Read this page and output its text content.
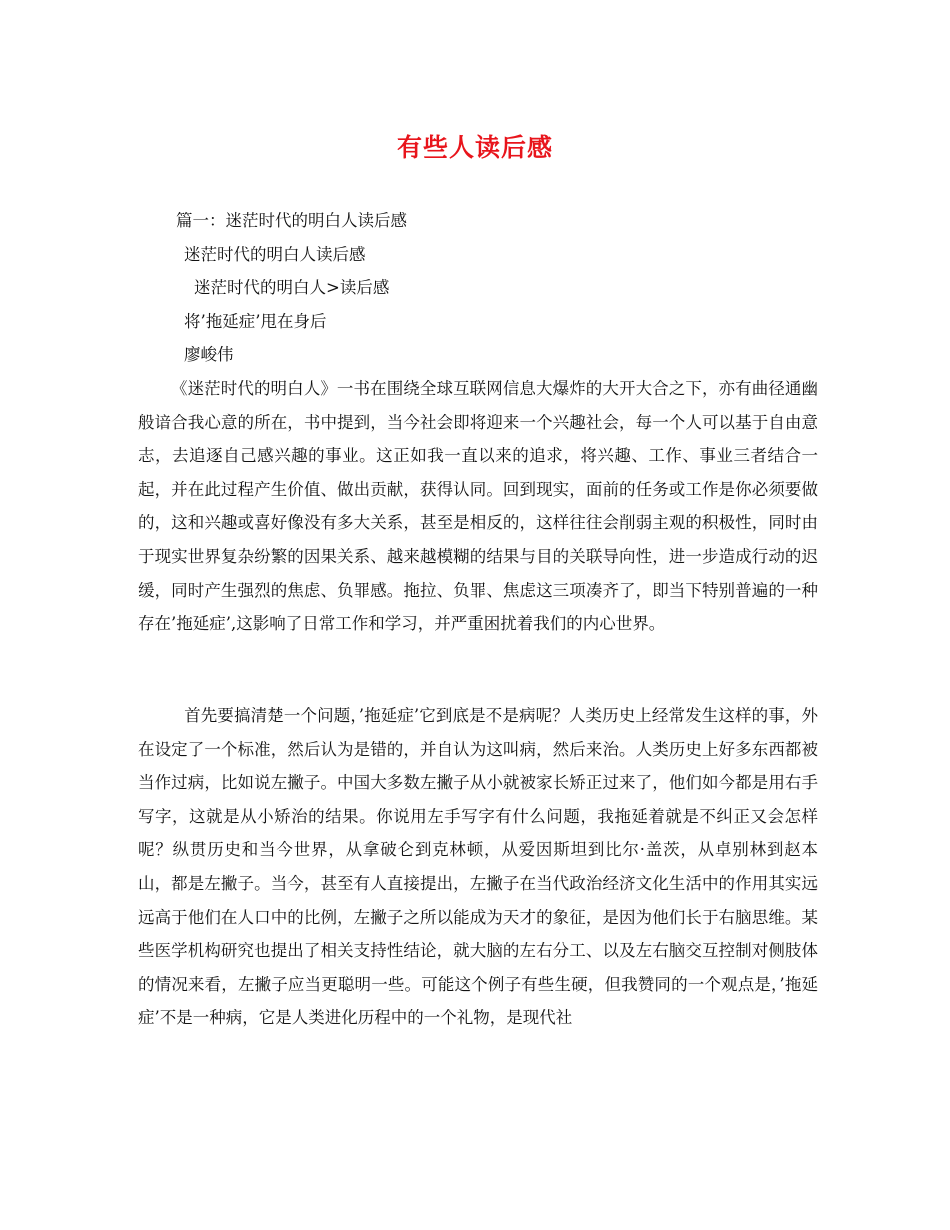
有些人读后感
篇一：迷茫时代的明白人读后感
迷茫时代的明白人读后感
迷茫时代的明白人>读后感
将’拖延症’甩在身后
廖峻伟

《迷茫时代的明白人》一书在围绕全球互联网信息大爆炸的大开大合之下，亦有曲径通幽般谙合我心意的所在，书中提到，当今社会即将迎来一个兴趣社会，每一个人可以基于自由意志，去追逐自己感兴趣的事业。这正如我一直以来的追求，将兴趣、工作、事业三者结合一起，并在此过程产生价值、做出贡献，获得认同。回到现实，面前的任务或工作是你必须要做的，这和兴趣或喜好像没有多大关系，甚至是相反的，这样往往会削弱主观的积极性，同时由于现实世界复杂纷繁的因果关系、越来越模糊的结果与目的关联导向性，进一步造成行动的迟缓，同时产生强烈的焦虑、负罪感。拖拉、负罪、焦虑这三项凑齐了，即当下特别普遍的一种存在’拖延症’,这影响了日常工作和学习，并严重困扰着我们的内心世界。

首先要搞清楚一个问题，’拖延症’它到底是不是病呢？人类历史上经常发生这样的事，外在设定了一个标准，然后认为是错的，并自认为这叫病，然后来治。人类历史上好多东西都被当作过病，比如说左撇子。中国大多数左撇子从小就被家长矫正过来了，他们如今都是用右手写字，这就是从小矫治的结果。你说用左手写字有什么问题，我拖延着就是不纠正又会怎样呢？纵贯历史和当今世界，从拿破仑到克林顿，从爱因斯坦到比尔·盖茨，从卓别林到赵本山，都是左撇子。当今，甚至有人直接提出，左撇子在当代政治经济文化生活中的作用其实远远高于他们在人口中的比例，左撇子之所以能成为天才的象征，是因为他们长于右脑思维。某些医学机构研究也提出了相关支持性结论，就大脑的左右分工、以及左右脑交互控制对侧肢体的情况来看，左撇子应当更聪明一些。可能这个例子有些生硬，但我赞同的一个观点是，’拖延症’不是一种病，它是人类进化历程中的一个礼物，是现代社
